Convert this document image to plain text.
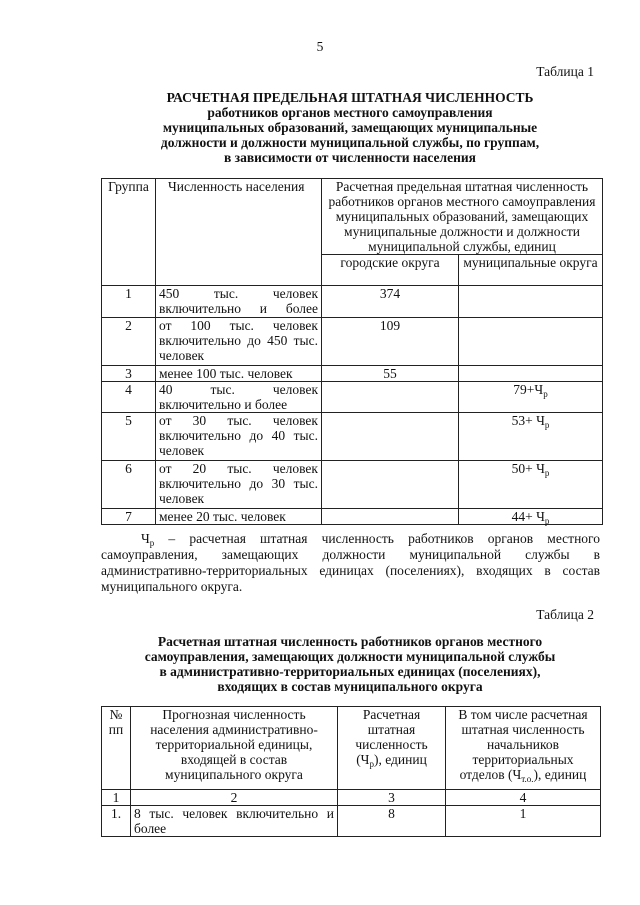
5
Таблица 1
РАСЧЕТНАЯ ПРЕДЕЛЬНАЯ ШТАТНАЯ ЧИСЛЕННОСТЬ
работников органов местного самоуправления
муниципальных образований, замещающих муниципальные
должности и должности муниципальной службы, по группам,
в зависимости от численности населения
Группа	Численность населения	Расчетная предельная штатная численность работников органов местного самоуправления муниципальных образований, замещающих муниципальные должности и должности муниципальной службы, единиц	
		городские округа	муниципальные округа
1	450 тыс. человек включительно и более	374	
2	от 100 тыс. человек включительно до 450 тыс. человек	109	
3	менее 100 тыс. человек	55	
4	40 тыс. человек включительно и более		$79+Ч_р$
5	от 30 тыс. человек включительно до 40 тыс. человек		$53+ Ч_р$
6	от 20 тыс. человек включительно до 30 тыс. человек		$50+ Ч_р$
7	менее 20 тыс. человек		$44+ Ч_р$

$Ч_р$ – расчетная штатная численность работников органов местного самоуправления, замещающих должности муниципальной службы в административно-территориальных единицах (поселениях), входящих в состав муниципального округа.

Таблица 2
Расчетная штатная численность работников органов местного
самоуправления, замещающих должности муниципальной службы
в административно-территориальных единицах (поселениях),
входящих в состав муниципального округа
№ пп	Прогнозная численность населения административно-территориальной единицы, входящей в состав муниципального округа	Расчетная штатная численность $(Ч_р)$, единиц	В том числе расчетная штатная численность начальников территориальных отделов $(Ч_{т.о.})$, единиц
1	2	3	4
1.	8 тыс. человек включительно и более	8	1
